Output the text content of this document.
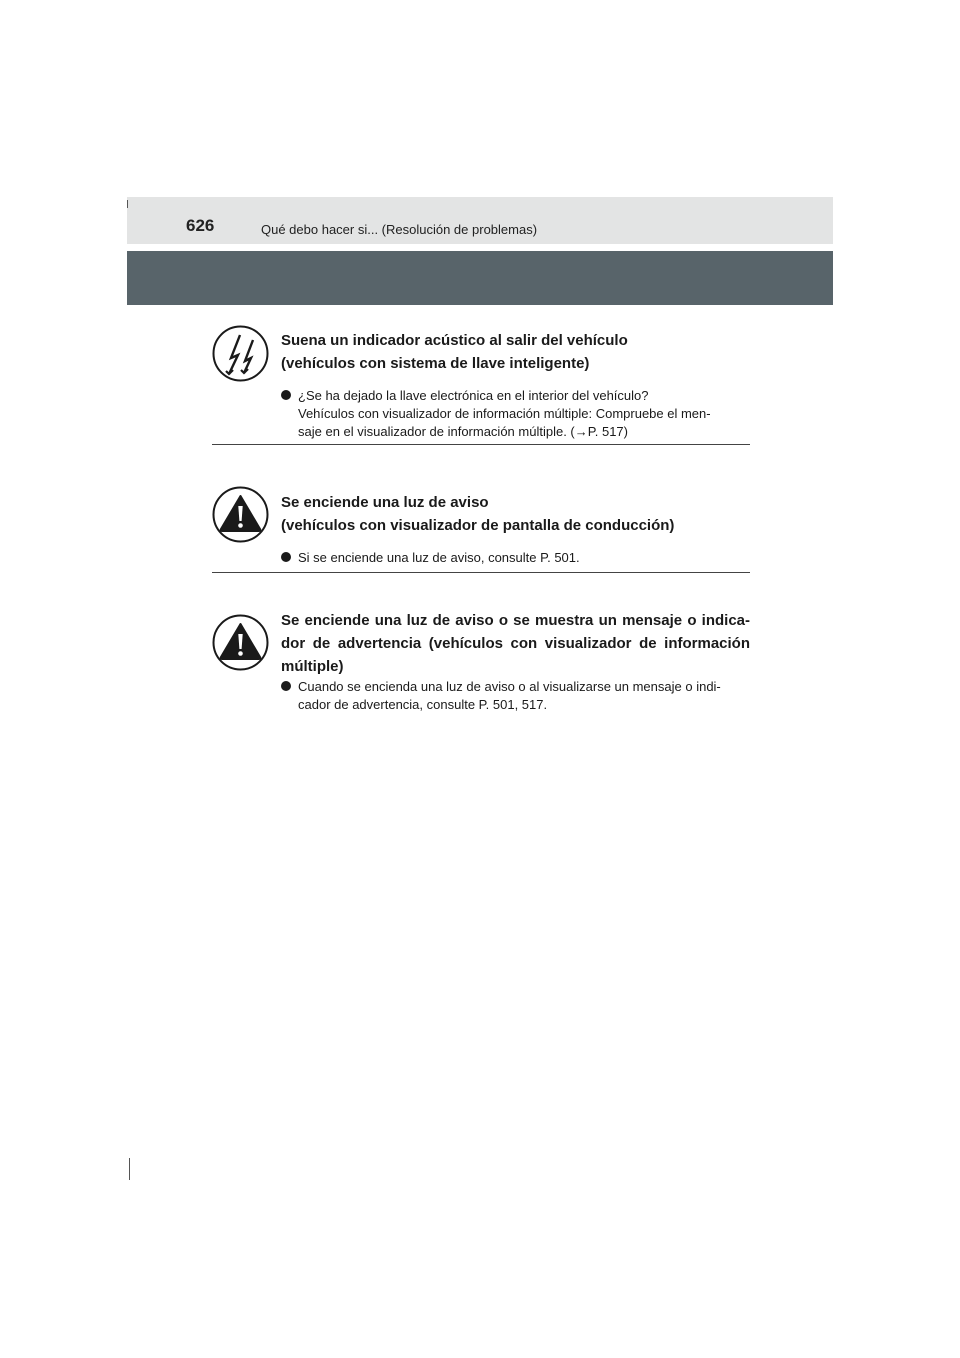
626	Qué debo hacer si... (Resolución de problemas)
Suena un indicador acústico al salir del vehículo
(vehículos con sistema de llave inteligente)

¿Se ha dejado la llave electrónica en el interior del vehículo?

Vehículos con visualizador de información múltiple: Compruebe el men-

saje en el visualizador de información múltiple. (→P. 517)

Se enciende una luz de aviso
(vehículos con visualizador de pantalla de conducción)

Si se enciende una luz de aviso, consulte P. 501.

Se enciende una luz de aviso o se muestra un mensaje o indica-
dor de advertencia (vehículos con visualizador de información
múltiple)

Cuando se encienda una luz de aviso o al visualizarse un mensaje o indi-

cador de advertencia, consulte P. 501, 517.
